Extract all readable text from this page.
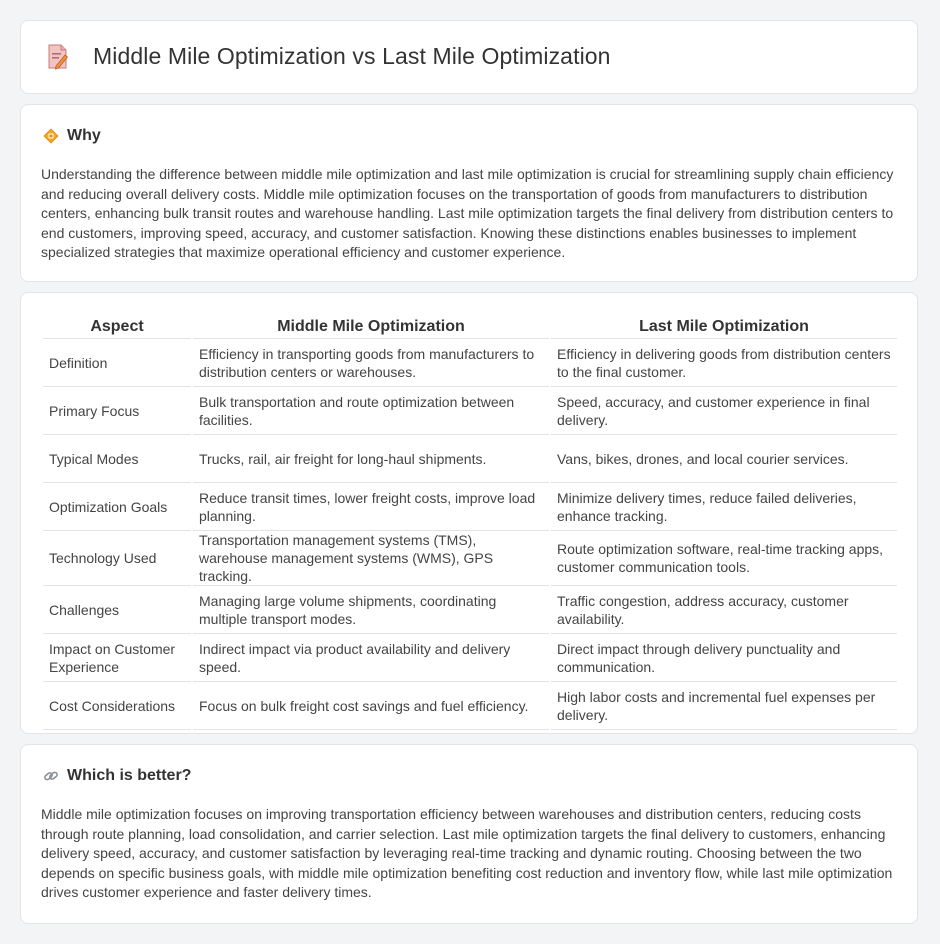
Middle Mile Optimization vs Last Mile Optimization
Why

Understanding the difference between middle mile optimization and last mile optimization is crucial for streamlining supply chain efficiency and reducing overall delivery costs. Middle mile optimization focuses on the transportation of goods from manufacturers to distribution centers, enhancing bulk transit routes and warehouse handling. Last mile optimization targets the final delivery from distribution centers to end customers, improving speed, accuracy, and customer satisfaction. Knowing these distinctions enables businesses to implement specialized strategies that maximize operational efficiency and customer experience.

Aspect	Middle Mile Optimization	Last Mile Optimization
Definition	Efficiency in transporting goods from manufacturers to distribution centers or warehouses.	Efficiency in delivering goods from distribution centers to the final customer.
Primary Focus	Bulk transportation and route optimization between facilities.	Speed, accuracy, and customer experience in final delivery.
Typical Modes	Trucks, rail, air freight for long-haul shipments.	Vans, bikes, drones, and local courier services.
Optimization Goals	Reduce transit times, lower freight costs, improve load planning.	Minimize delivery times, reduce failed deliveries, enhance tracking.
Technology Used	Transportation management systems (TMS), warehouse management systems (WMS), GPS tracking.	Route optimization software, real-time tracking apps, customer communication tools.
Challenges	Managing large volume shipments, coordinating multiple transport modes.	Traffic congestion, address accuracy, customer availability.
Impact on Customer Experience	Indirect impact via product availability and delivery speed.	Direct impact through delivery punctuality and communication.
Cost Considerations	Focus on bulk freight cost savings and fuel efficiency.	High labor costs and incremental fuel expenses per delivery.
Which is better?

Middle mile optimization focuses on improving transportation efficiency between warehouses and distribution centers, reducing costs through route planning, load consolidation, and carrier selection. Last mile optimization targets the final delivery to customers, enhancing delivery speed, accuracy, and customer satisfaction by leveraging real-time tracking and dynamic routing. Choosing between the two depends on specific business goals, with middle mile optimization benefiting cost reduction and inventory flow, while last mile optimization drives customer experience and faster delivery times.
